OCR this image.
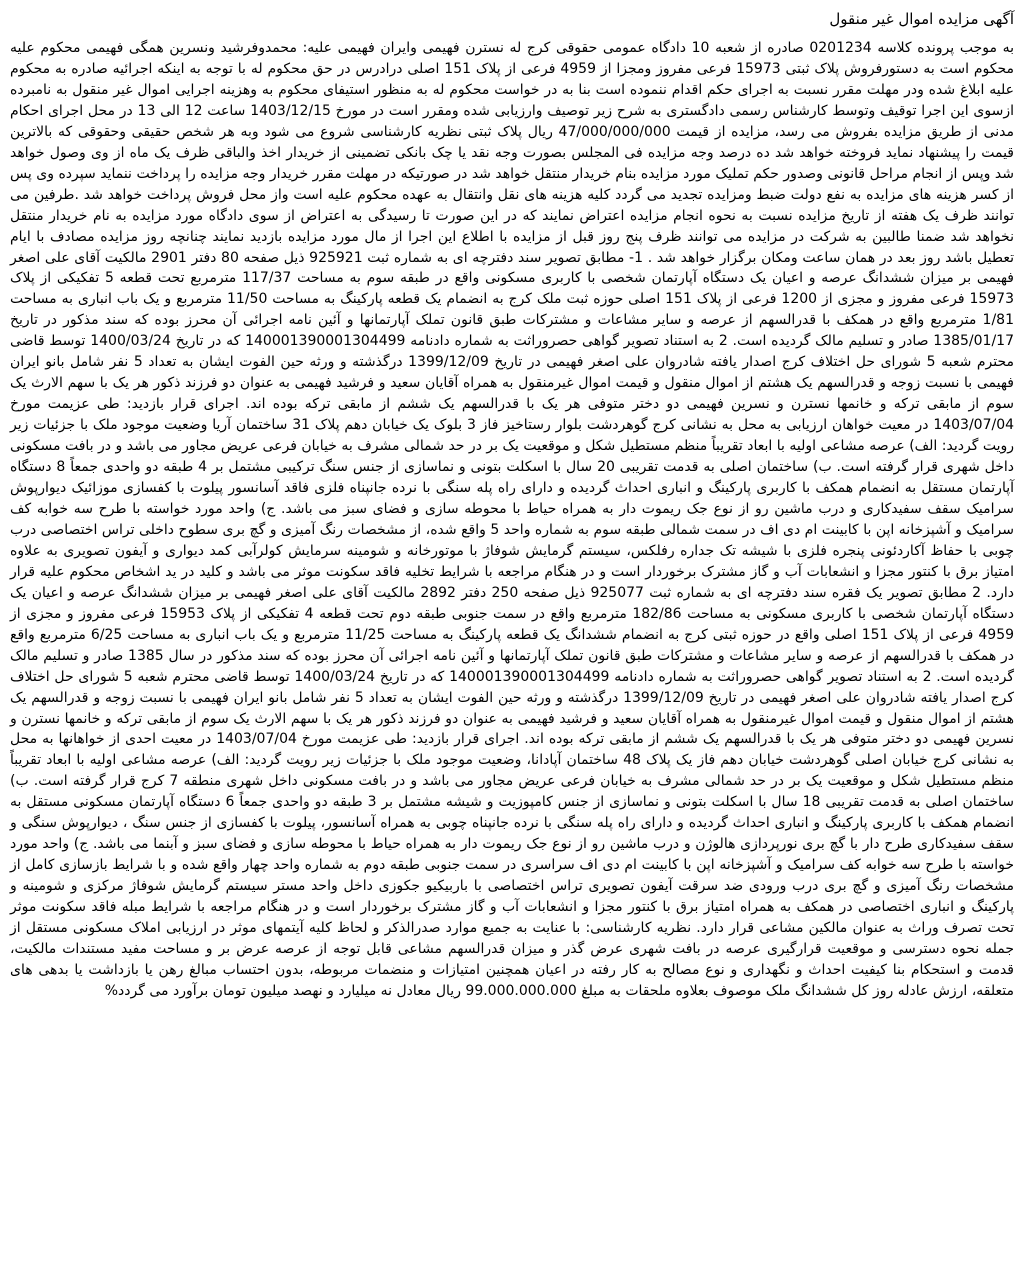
آگهی مزایده اموال غیر منقول

به موجب پرونده کلاسه 0201234 صادره از شعبه 10 دادگاه عمومی حقوقی کرج له نسترن فهیمی وایران فهیمی علیه: محمدوفرشید ونسرین همگی فهیمی محکوم علیه محکوم است به دستورفروش پلاک ثبتی 15973 فرعی مفروز ومجزا از 4959 فرعی از پلاک 151 اصلی درادرس در حق محکوم له با توجه به اینکه اجرائیه صادره به محکوم علیه ابلاغ شده ودر مهلت مقرر نسبت به اجرای حکم اقدام ننموده است بنا به در خواست محکوم له به منظور استیفای محکوم به وهزینه اجرایی اموال غیر منقول به نامبرده ازسوی این اجرا توقیف وتوسط کارشناس رسمی دادگستری به شرح زیر توصیف وارزیابی شده ومقرر است در مورخ 1403/12/15 ساعت 12 الی 13 در محل اجرای احکام مدنی از طریق مزایده بفروش می رسد، مزایده از قیمت 47/000/000/000 ریال پلاک ثبتی نظریه کارشناسی شروع می شود وبه هر شخص حقیقی وحقوقی که بالاترین قیمت را پیشنهاد نماید فروخته خواهد شد ده درصد وجه مزایده فی المجلس بصورت وجه نقد یا چک بانکی تضمینی از خریدار اخذ والباقی ظرف یک ماه از وی وصول خواهد شد وپس از انجام مراحل قانونی وصدور حکم تملیک مورد مزایده بنام خریدار منتقل خواهد شد در صورتیکه در مهلت مقرر خریدار وجه مزایده را پرداخت ننماید سپرده وی پس از کسر هزینه های مزایده به نفع دولت ضبط ومزایده تجدید می گردد کلیه هزینه های نقل وانتقال به عهده محکوم علیه است واز محل فروش پرداخت خواهد شد .طرفین می توانند ظرف یک هفته از تاریخ مزایده نسبت به نحوه انجام مزایده اعتراض نمایند که در این صورت تا رسیدگی به اعتراض از سوی دادگاه مورد مزایده به نام خریدار منتقل نخواهد شد ضمنا طالبین به شرکت در مزایده می توانند ظرف پنج روز قبل از مزایده با اطلاع این اجرا از مال مورد مزایده بازدید نمایند چنانچه روز مزایده مصادف با ایام تعطیل باشد روز بعد در همان ساعت ومکان برگزار خواهد شد . 1- مطابق تصویر سند دفترچه ای به شماره ثبت 925921 ذیل صفحه 80 دفتر 2901 مالکیت آقای علی اصغر فهیمی بر میزان ششدانگ عرصه و اعیان یک دستگاه آپارتمان شخصی با کاربری مسکونی واقع در طبقه سوم به مساحت 117/37 مترمربع تحت قطعه 5 تفکیکی از پلاک 15973 فرعی مفروز و مجزی از 1200 فرعی از پلاک 151 اصلی حوزه ثبت ملک کرج به انضمام یک قطعه پارکینگ به مساحت 11/50 مترمربع و یک باب انباری به مساحت 1/81 مترمربع واقع در همکف با قدرالسهم از عرصه و سایر مشاعات و مشترکات طبق قانون تملک آپارتمانها و آئین نامه اجرائی آن محرز بوده که سند مذکور در تاریخ 1385/01/17 صادر و تسلیم مالک گردیده است. 2 به استناد تصویر گواهی حصروراثت به شماره دادنامه 140001390001304499 که در تاریخ 1400/03/24 توسط قاضی محترم شعبه 5 شورای حل اختلاف کرج اصدار یافته شادروان علی اصغر فهیمی در تاریخ 1399/12/09 درگذشته و ورثه حین الفوت ایشان به تعداد 5 نفر شامل بانو ایران فهیمی با نسبت زوجه و قدرالسهم یک هشتم از اموال منقول و قیمت اموال غیرمنقول به همراه آقایان سعید و فرشید فهیمی به عنوان دو فرزند ذکور هر یک با سهم الارث یک سوم از مابقی ترکه و خانمها نسترن و نسرین فهیمی دو دختر متوفی هر یک با قدرالسهم یک ششم از مابقی ترکه بوده اند. اجرای قرار بازدید: طی عزیمت مورخ 1403/07/04 در معیت خواهان ارزیابی به محل به نشانی کرج گوهردشت بلوار رستاخیز فاز 3 بلوک یک خیابان دهم پلاک 31 ساختمان آریا وضعیت موجود ملک با جزئیات زیر رویت گردید: الف) عرصه مشاعی اولیه با ابعاد تقریباً منظم مستطیل شکل و موقعیت یک بر در حد شمالی مشرف به خیابان فرعی عریض مجاور می باشد و در بافت مسکونی داخل شهری قرار گرفته است. ب) ساختمان اصلی به قدمت تقریبی 20 سال با اسکلت بتونی و نماسازی از جنس سنگ ترکیبی مشتمل بر 4 طبقه دو واحدی جمعاً 8 دستگاه آپارتمان مستقل به انضمام همکف با کاربری پارکینگ و انباری احداث گردیده و دارای راه پله سنگی با نرده جانپناه فلزی فاقد آسانسور پیلوت با کفسازی موزائیک دیوارپوش سرامیک سقف سفیدکاری و درب ماشین رو از نوع جک ریموت دار به همراه حیاط با محوطه سازی و فضای سبز می باشد. ج) واحد مورد خواسته با طرح سه خوابه کف سرامیک و آشپزخانه اپن با کابینت ام دی اف در سمت شمالی طبقه سوم به شماره واحد 5 واقع شده، از مشخصات رنگ آمیزی و گچ بری سطوح داخلی تراس اختصاصی درب چوبی با حفاظ آکاردئونی پنجره فلزی با شیشه تک جداره رفلکس، سیستم گرمایش شوفاژ با موتورخانه و شومینه سرمایش کولرآبی کمد دیواری و آیفون تصویری به علاوه امتیاز برق با کنتور مجزا و انشعابات آب و گاز مشترک برخوردار است و در هنگام مراجعه با شرایط تخلیه فاقد سکونت موثر می باشد و کلید در ید اشخاص محکوم علیه قرار دارد. 2 مطابق تصویر یک فقره سند دفترچه ای به شماره ثبت 925077 ذیل صفحه 250 دفتر 2892 مالکیت آقای علی اصغر فهیمی بر میزان ششدانگ عرصه و اعیان یک دستگاه آپارتمان شخصی با کاربری مسکونی به مساحت 182/86 مترمربع واقع در سمت جنوبی طبقه دوم تحت قطعه 4 تفکیکی از پلاک 15953 فرعی مفروز و مجزی از 4959 فرعی از پلاک 151 اصلی واقع در حوزه ثبتی کرج به انضمام ششدانگ یک قطعه پارکینگ به مساحت 11/25 مترمربع و یک باب انباری به مساحت 6/25 مترمربع واقع در همکف با قدرالسهم از عرصه و سایر مشاعات و مشترکات طبق قانون تملک آپارتمانها و آئین نامه اجرائی آن محرز بوده که سند مذکور در سال 1385 صادر و تسلیم مالک گردیده است. 2 به استناد تصویر گواهی حصروراثت به شماره دادنامه 140001390001304499 که در تاریخ 1400/03/24 توسط قاضی محترم شعبه 5 شورای حل اختلاف کرج اصدار یافته شادروان علی اصغر فهیمی در تاریخ 1399/12/09 درگذشته و ورثه حین الفوت ایشان به تعداد 5 نفر شامل بانو ایران فهیمی با نسبت زوجه و قدرالسهم یک هشتم از اموال منقول و قیمت اموال غیرمنقول به همراه آقایان سعید و فرشید فهیمی به عنوان دو فرزند ذکور هر یک با سهم الارث یک سوم از مابقی ترکه و خانمها نسترن و نسرین فهیمی دو دختر متوفی هر یک با قدرالسهم یک ششم از مابقی ترکه بوده اند. اجرای قرار بازدید: طی عزیمت مورخ 1403/07/04 در معیت احدی از خواهانها به محل به نشانی کرج خیابان اصلی گوهردشت خیابان دهم فاز یک پلاک 48 ساختمان آپادانا، وضعیت موجود ملک با جزئیات زیر رویت گردید: الف) عرصه مشاعی اولیه با ابعاد تقریباً منظم مستطیل شکل و موقعیت یک بر در حد شمالی مشرف به خیابان فرعی عریض مجاور می باشد و در بافت مسکونی داخل شهری منطقه 7 کرج قرار گرفته است. ب) ساختمان اصلی به قدمت تقریبی 18 سال با اسکلت بتونی و نماسازی از جنس کامپوزیت و شیشه مشتمل بر 3 طبقه دو واحدی جمعاً 6 دستگاه آپارتمان مسکونی مستقل به انضمام همکف با کاربری پارکینگ و انباری احداث گردیده و دارای راه پله سنگی با نرده جانپناه چوبی به همراه آسانسور، پیلوت با کفسازی از جنس سنگ ، دیوارپوش سنگی و سقف سفیدکاری طرح دار با گچ بری نورپردازی هالوژن و درب ماشین رو از نوع جک ریموت دار به همراه حیاط با محوطه سازی و فضای سبز و آبنما می باشد. ج) واحد مورد خواسته با طرح سه خوابه کف سرامیک و آشپزخانه اپن با کابینت ام دی اف سراسری در سمت جنوبی طبقه دوم به شماره واحد چهار واقع شده و با شرایط بازسازی کامل از مشخصات رنگ آمیزی و گچ بری درب ورودی ضد سرقت آیفون تصویری تراس اختصاصی با باربیکیو جکوزی داخل واحد مستر سیستم گرمایش شوفاژ مرکزی و شومینه و پارکینگ و انباری اختصاصی در همکف به همراه امتیاز برق با کنتور مجزا و انشعابات آب و گاز مشترک برخوردار است و در هنگام مراجعه با شرایط مبله فاقد سکونت موثر تحت تصرف وراث به عنوان مالکین مشاعی قرار دارد. نظریه کارشناسی: با عنایت به جمیع موارد صدرالذکر و لحاظ کلیه آیتمهای موثر در ارزیابی املاک مسکونی مستقل از جمله نحوه دسترسی و موقعیت قرارگیری عرصه در بافت شهری عرض گذر و میزان قدرالسهم مشاعی قابل توجه از عرصه عرض بر و مساحت مفید مستندات مالکیت، قدمت و استحکام بنا کیفیت احداث و نگهداری و نوع مصالح به کار رفته در اعیان همچنین امتیازات و منضمات مربوطه، بدون احتساب مبالغ رهن یا بازداشت یا بدهی های متعلقه، ارزش عادله روز کل ششدانگ ملک موصوف بعلاوه ملحقات به مبلغ 99.000.000.000 ریال معادل نه میلیارد و نهصد میلیون تومان برآورد می گردد%
